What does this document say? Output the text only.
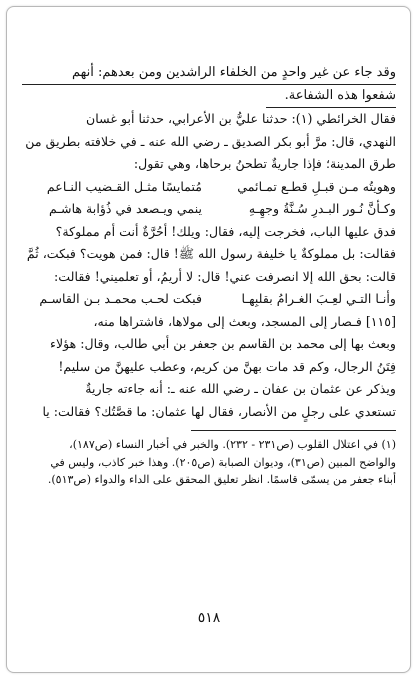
وقد جاء عن غير واحدٍ من الخلفاء الراشدين ومن بعدهم: أنهم

شفعوا هذه الشفاعة.

فقال الخرائطي (١): حدثنا عليُّ بن الأعرابي، حدثنا أبو غسان

النهدي، قال: مرَّ أبو بكر الصديق ـ رضي الله عنه ـ في خلافته بطريق من

طرق المدينة؛ فإذا جاريةٌ تطحنُ برحاها، وهي تقول:

وهويتُه مـن قبـلِ قطـع تمـائمي
مُتمايسًا مثـل القـضيب النـاعم
وكـأنَّ نُـور البـدرِ سُـنَّةُ وجهِـهِ
ينمي ويـصعد في ذُؤابة هاشـم

فدق عليها الباب، فخرجت إليه، فقال: ويلك! أحُرَّةٌ أنت أم مملوكة؟

فقالت: بل مملوكةٌ يا خليفة رسول الله ﷺ! قال: فمن هويت؟ فبكت، ثُمَّ

قالت: بحق الله إلا انصرفت عني! قال: لا أريمُ، أو تعلميني! فقالت:

وأنـا التـي لعِـبَ الغـرامُ بقلبِهـا
فبكت لحـب محمـد بـن القاسـم

[١١٥] فـصار إلى المسجد، وبعث إلى مولاها، فاشتراها منه،

وبعث بها إلى محمد بن القاسم بن جعفر بن أبي طالب، وقال: هؤلاء

فِتَنُ الرجال، وكم قد مات بهنَّ من كريم، وعطب عليهنَّ من سليم!

ويذكر عن عثمان بن عفان ـ رضي الله عنه ـ: أنه جاءته جاريةٌ

تستعدي على رجلٍ من الأنصار، فقال لها عثمان: ما قصَّتُك؟ فقالت: يا

(١) في اعتلال القلوب (ص٢٣١ - ٢٣٢). والخبر في أخبار النساء (ص١٨٧)،

والواضح المبين (ص٣١)، وديوان الصبابة (ص٢٠٥). وهذا خبر كاذب، وليس في

أبناء جعفر من يسمّى قاسمًا. انظر تعليق المحقق على الداء والدواء (ص٥١٣).

٥١٨
